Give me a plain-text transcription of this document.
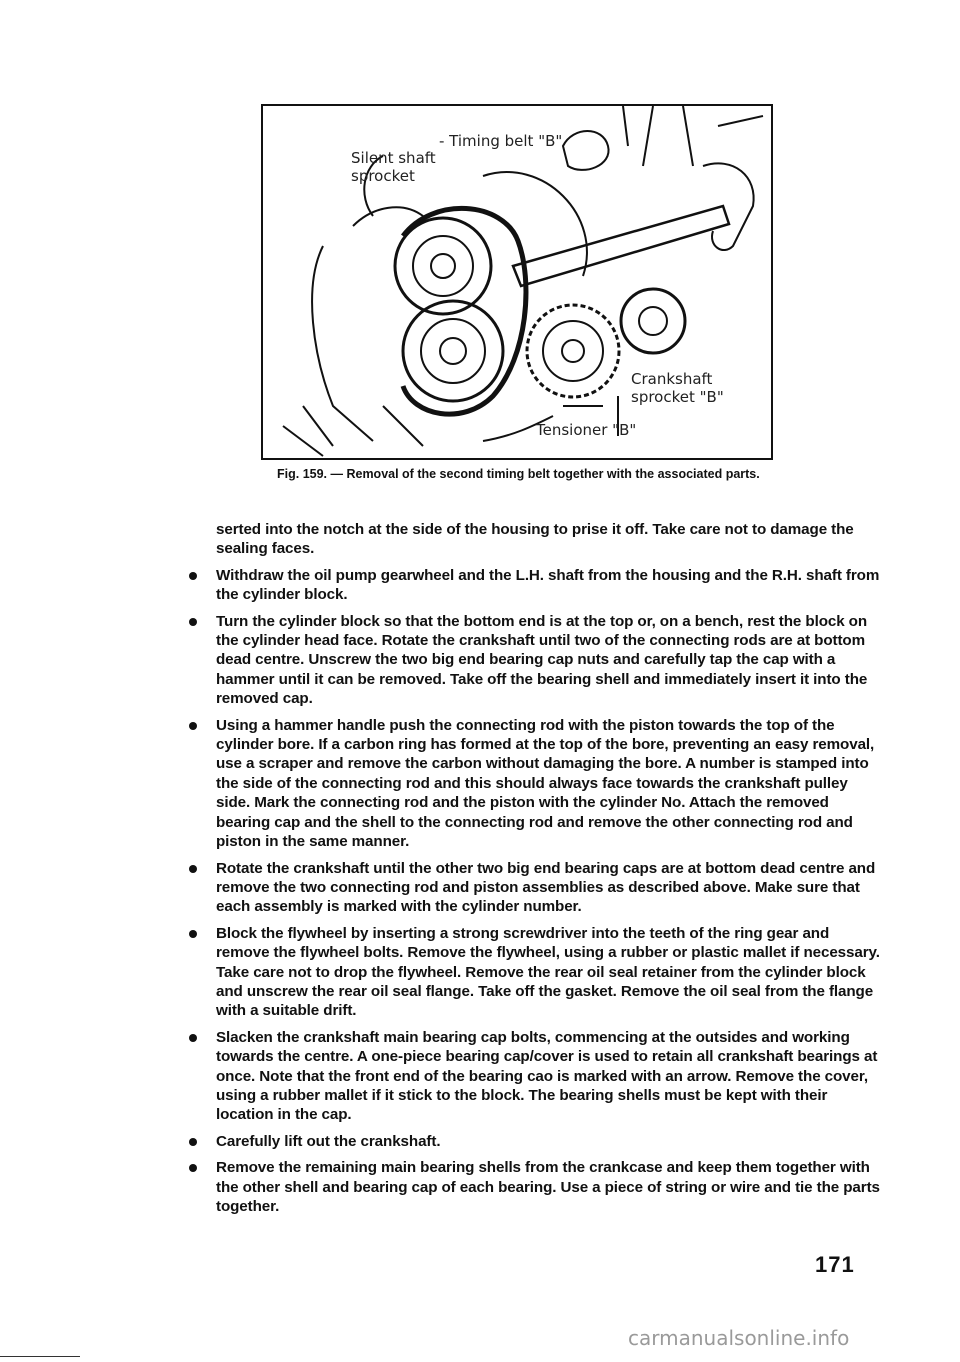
Silent shaft
sprocket
- Timing belt "B"
Crankshaft
sprocket "B"
Tensioner "B"
Fig. 159. — Removal of the second timing belt together with the associated parts.

serted into the notch at the side of the housing to prise it off. Take care not to damage the sealing faces.

Withdraw the oil pump gearwheel and the L.H. shaft from the housing and the R.H. shaft from the cylinder block.
Turn the cylinder block so that the bottom end is at the top or, on a bench, rest the block on the cylinder head face. Rotate the crankshaft until two of the connecting rods are at bottom dead centre. Unscrew the two big end bearing cap nuts and carefully tap the cap with a hammer until it can be removed. Take off the bearing shell and immediately insert it into the removed cap.
Using a hammer handle push the connecting rod with the piston towards the top of the cylinder bore. If a carbon ring has formed at the top of the bore, preventing an easy removal, use a scraper and remove the carbon without damaging the bore. A number is stamped into the side of the connecting rod and this should always face towards the crankshaft pulley side. Mark the connecting rod and the piston with the cylinder No. Attach the removed bearing cap and the shell to the connecting rod and remove the other connecting rod and piston in the same manner.
Rotate the crankshaft until the other two big end bearing caps are at bottom dead centre and remove the two connecting rod and piston assemblies as described above. Make sure that each assembly is marked with the cylinder number.
Block the flywheel by inserting a strong screwdriver into the teeth of the ring gear and remove the flywheel bolts. Remove the flywheel, using a rubber or plastic mallet if necessary. Take care not to drop the flywheel. Remove the rear oil seal retainer from the cylinder block and unscrew the rear oil seal flange. Take off the gasket. Remove the oil seal from the flange with a suitable drift.
Slacken the crankshaft main bearing cap bolts, commencing at the outsides and working towards the centre. A one-piece bearing cap/cover is used to retain all crankshaft bearings at once. Note that the front end of the bearing cao is marked with an arrow. Remove the cover, using a rubber mallet if it stick to the block. The bearing shells must be kept with their location in the cap.
Carefully lift out the crankshaft.
Remove the remaining main bearing shells from the crankcase and keep them together with the other shell and bearing cap of each bearing. Use a piece of string or wire and tie the parts together.
171
carmanualsonline.info
